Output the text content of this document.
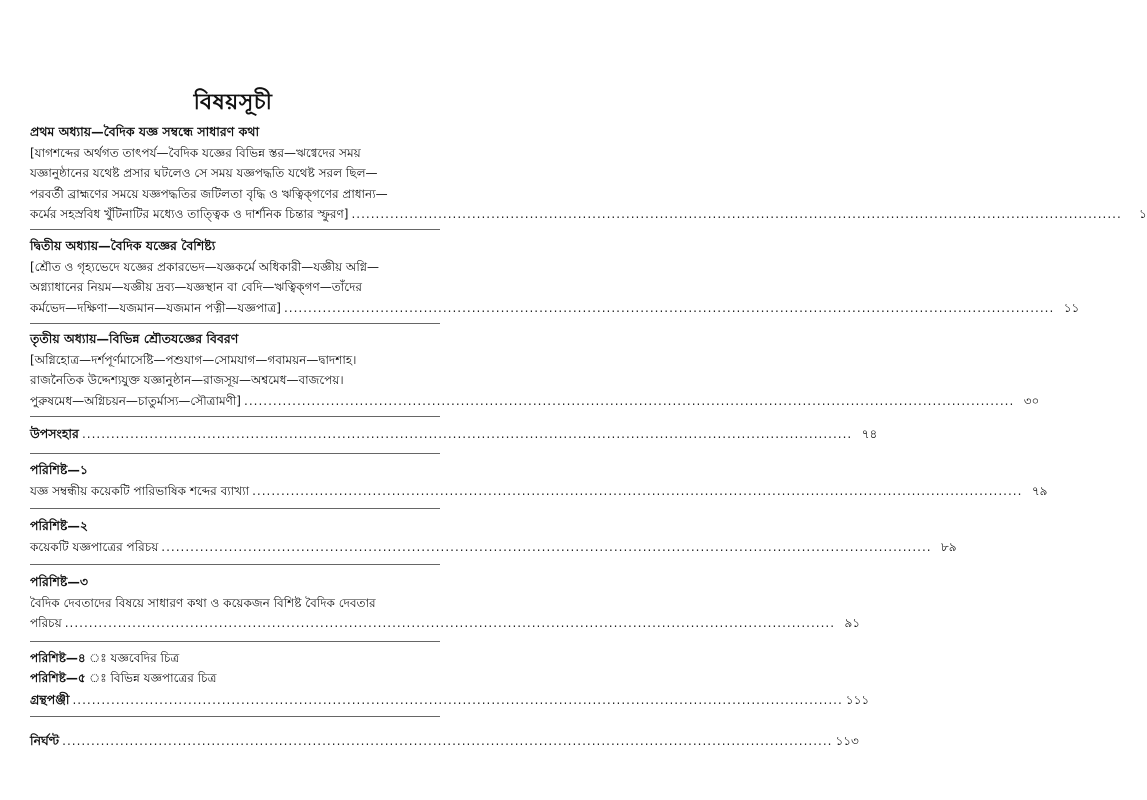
বিষয়সূচী
প্রথম অধ্যায়—বৈদিক যজ্ঞ সম্বন্ধে সাধারণ কথা
[যাগশব্দের অর্থগত তাৎপর্য—বৈদিক যজ্ঞের বিভিন্ন স্তর—ঋগ্বেদের সময়
যজ্ঞানুষ্ঠানের যথেষ্ট প্রসার ঘটলেও সে সময় যজ্ঞপদ্ধতি যথেষ্ট সরল ছিল—
পরবর্তী ব্রাহ্মণের সময়ে যজ্ঞপদ্ধতির জটিলতা বৃদ্ধি ও ঋত্বিক্‌গণের প্রাধান্য—
কর্মের সহস্রবিধ খুঁটিনাটির মধ্যেও তাত্ত্বিক ও দার্শনিক চিন্তার স্ফুরণ] ................................................................................................................................................................	১
দ্বিতীয় অধ্যায়—বৈদিক যজ্ঞের বৈশিষ্ট্য
[শ্রৌত ও গৃহ্যভেদে যজ্ঞের প্রকারভেদ—যজ্ঞকর্মে অধিকারী—যজ্ঞীয় অগ্নি—
অগ্ন্যাধানের নিয়ম—যজ্ঞীয় দ্রব্য—যজ্ঞস্থান বা বেদি—ঋত্বিক্‌গণ—তাঁদের
কর্মভেদ—দক্ষিণা—যজমান—যজমান পত্নী—যজ্ঞপাত্র] ................................................................................................................................................................ ১১
তৃতীয় অধ্যায়—বিভিন্ন শ্রৌতযজ্ঞের বিবরণ
[অগ্নিহোত্র—দর্শপূর্ণমাসেষ্টি—পশুযাগ—সোমযাগ—গবাময়ন—দ্বাদশাহ।
রাজনৈতিক উদ্দেশ্যযুক্ত যজ্ঞানুষ্ঠান—রাজসূয়—অশ্বমেধ—বাজপেয়।
পুরুষমেধ—অগ্নিচয়ন—চাতুর্মাস্য—সৌত্রামণী] ................................................................................................................................................................ ৩০
উপসংহার ................................................................................................................................................................ ৭৪
পরিশিষ্ট—১
যজ্ঞ সম্বন্ধীয় কয়েকটি পারিভাষিক শব্দের ব্যাখ্যা ................................................................................................................................................................ ৭৯
পরিশিষ্ট—২
কয়েকটি যজ্ঞপাত্রের পরিচয় ................................................................................................................................................................ ৮৯
পরিশিষ্ট—৩
বৈদিক দেবতাদের বিষয়ে সাধারণ কথা ও কয়েকজন বিশিষ্ট বৈদিক দেবতার
পরিচয় ................................................................................................................................................................ ৯১
পরিশিষ্ট—৪ ঃ যজ্ঞবেদির চিত্র
পরিশিষ্ট—৫ ঃ বিভিন্ন যজ্ঞপাত্রের চিত্র
গ্রন্থপঞ্জী ................................................................................................................................................................ ১১১
নির্ঘণ্ট ................................................................................................................................................................ ১১৩
